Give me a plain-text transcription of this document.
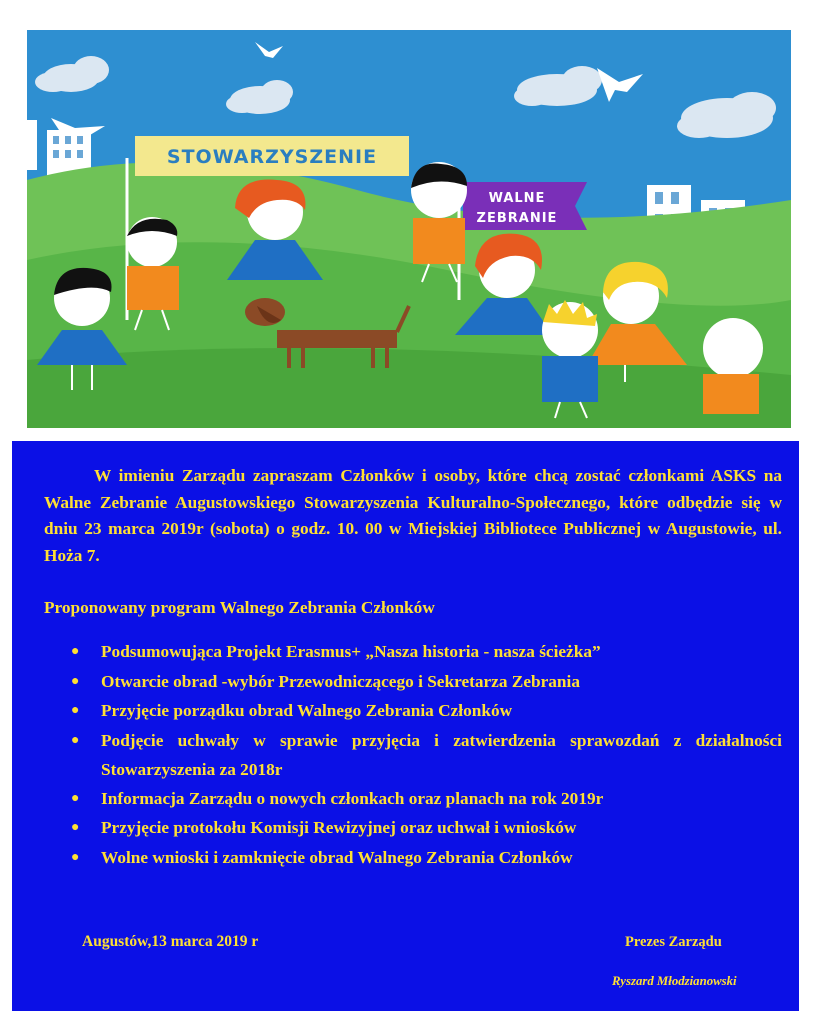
STOWARZYSZENIE
WALNE
ZEBRANIE

W imieniu Zarządu zapraszam Członków i osoby, które chcą zostać członkami ASKS na Walne Zebranie Augustowskiego Stowarzyszenia Kulturalno-Społecznego, które odbędzie się w dniu 23 marca 2019r (sobota) o godz. 10. 00 w Miejskiej Bibliotece Publicznej w Augustowie, ul. Hoża 7.

Proponowany program Walnego Zebrania Członków

● Podsumowująca Projekt Erasmus+ „Nasza historia - nasza ścieżka”
● Otwarcie obrad -wybór Przewodniczącego i Sekretarza Zebrania
● Przyjęcie porządku obrad Walnego Zebrania Członków
● Podjęcie uchwały w sprawie przyjęcia i zatwierdzenia sprawozdań z działalności Stowarzyszenia za 2018r
● Informacja Zarządu o nowych członkach oraz planach na rok 2019r
● Przyjęcie protokołu Komisji Rewizyjnej oraz uchwał i wniosków
● Wolne wnioski i zamknięcie obrad Walnego Zebrania Członków
Augustów,13 marca 2019 r	Prezes Zarządu
Ryszard Młodzianowski
